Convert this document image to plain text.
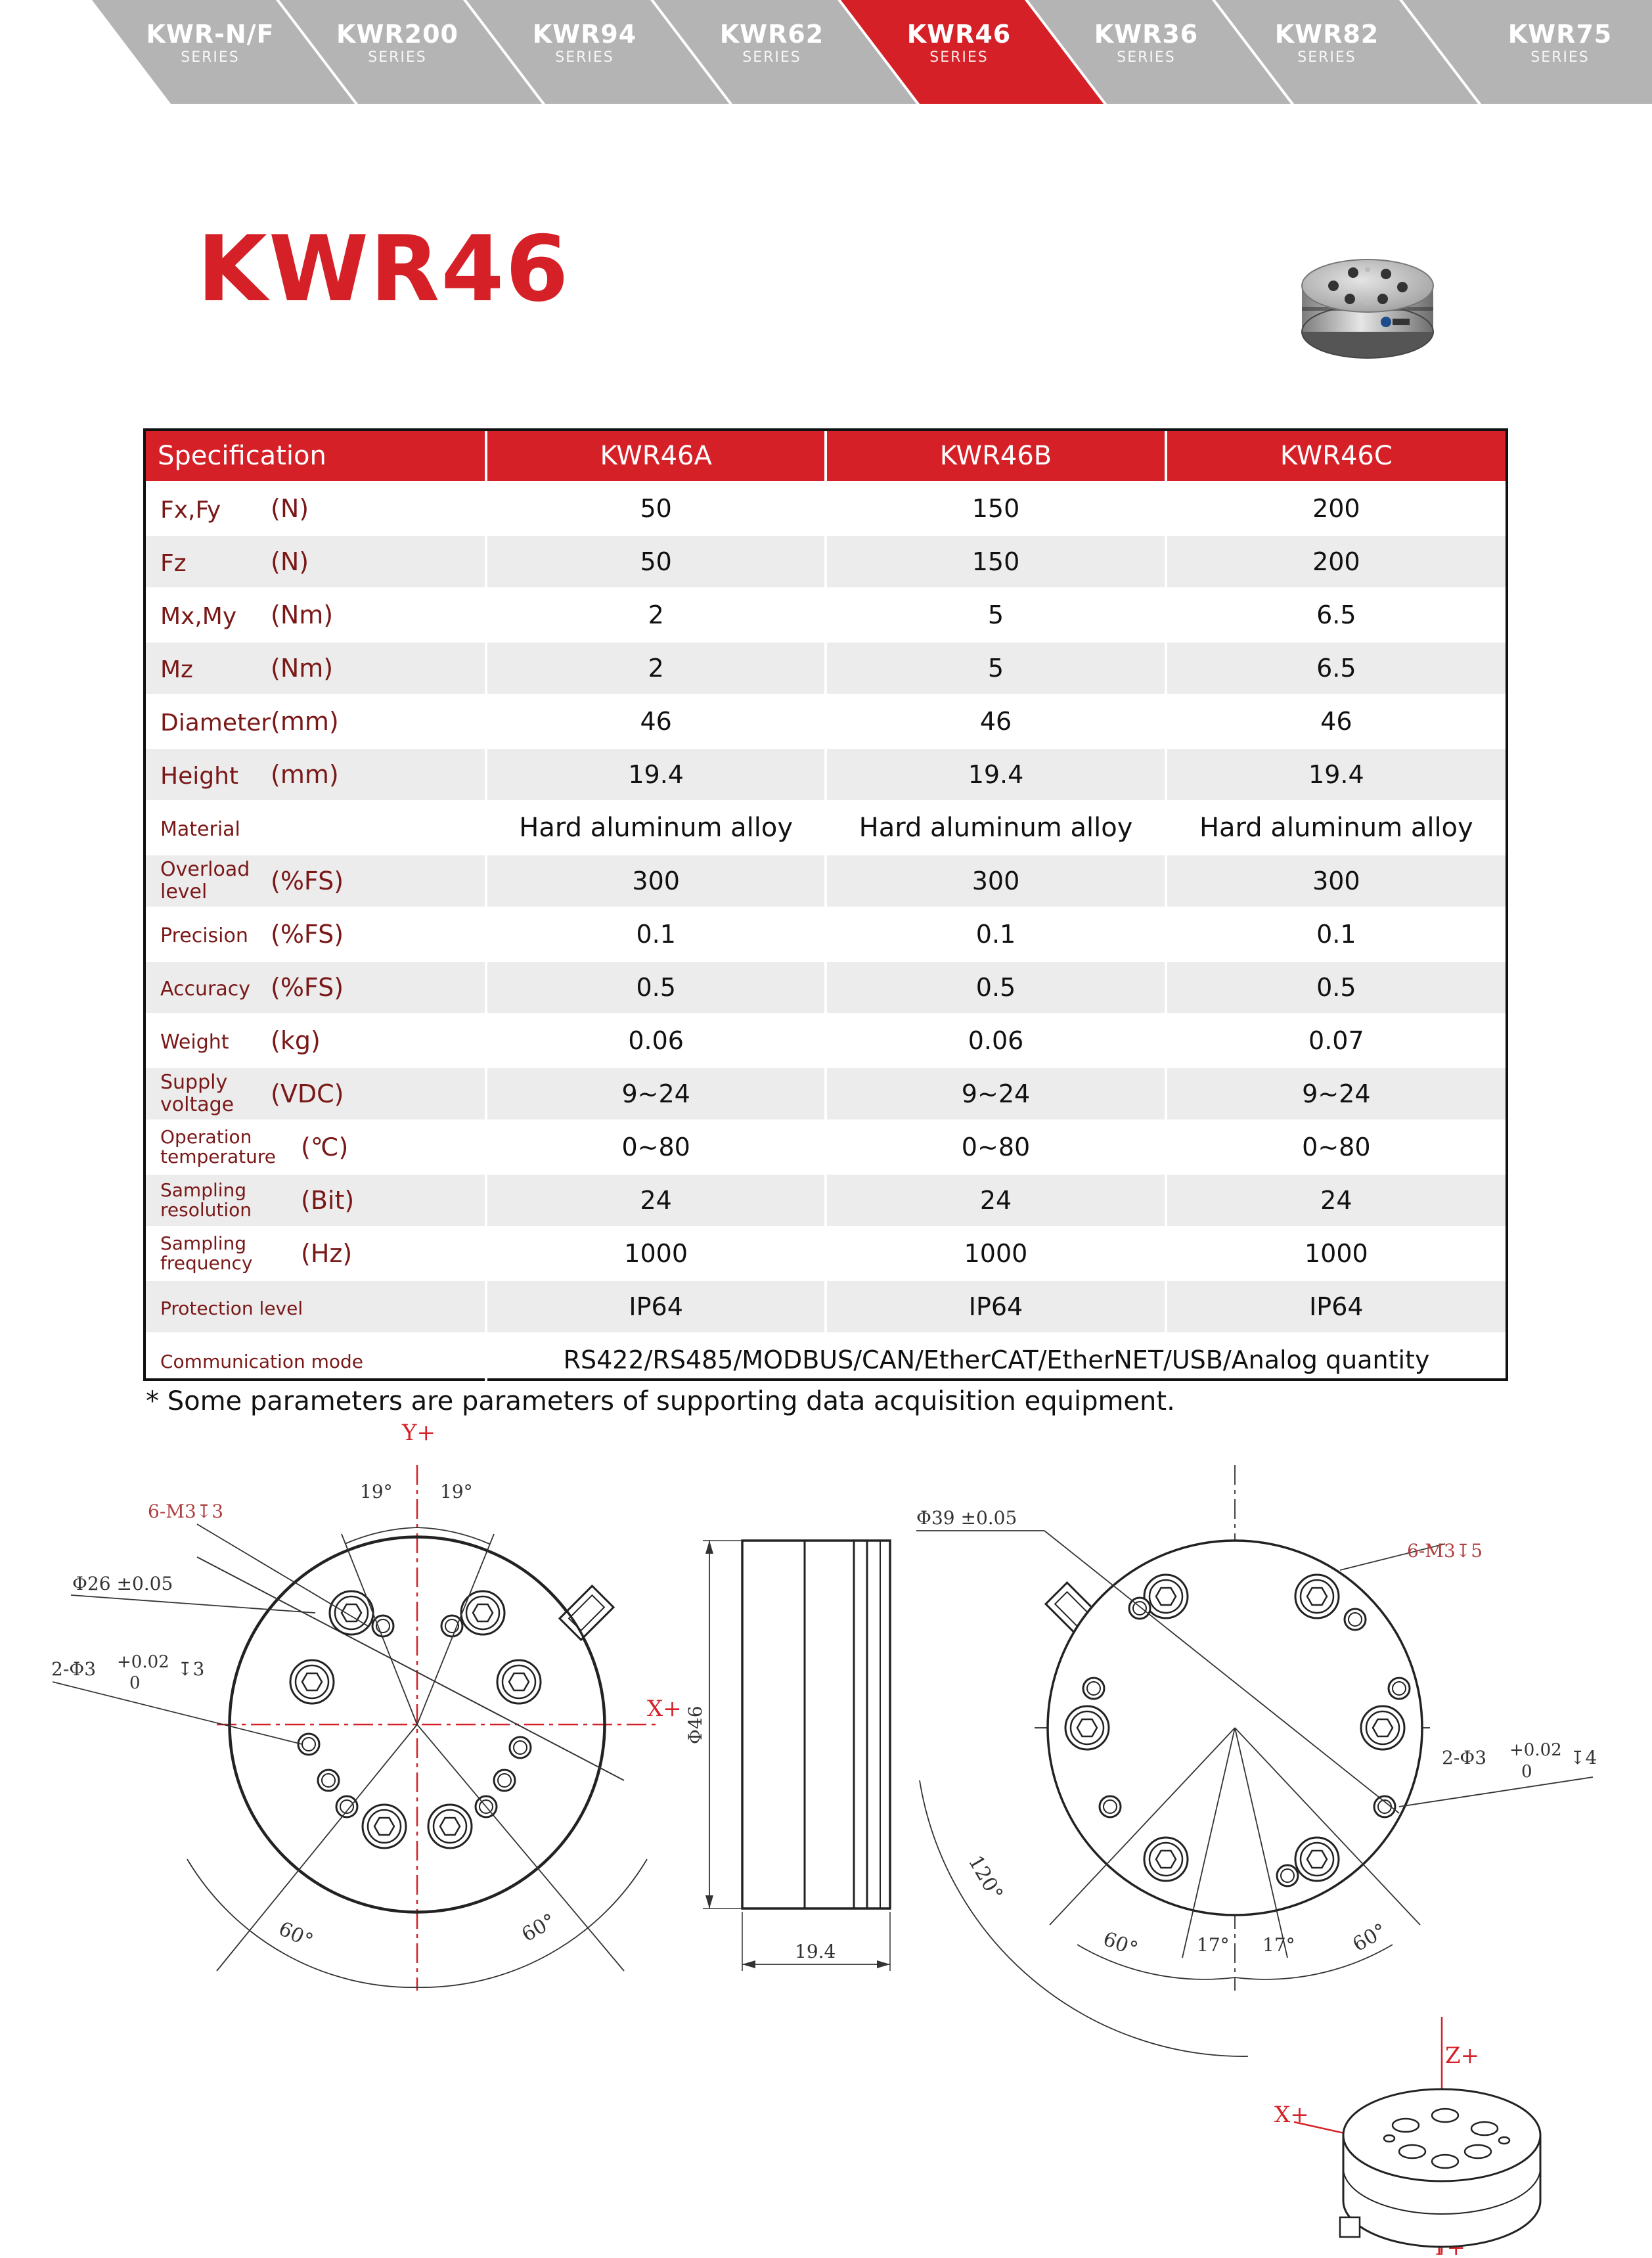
KWR-N/F
SERIES
KWR200
SERIES
KWR94
SERIES
KWR62
SERIES
KWR46
SERIES
KWR36
SERIES
KWR82
SERIES
KWR75
SERIES
KWR46
Specification	KWR46A	KWR46B	KWR46C
Fx,Fy (N)	50	150	200
Fz (N)	50	150	200
Mx,My (Nm)	2	5	6.5
Mz (Nm)	2	5	6.5
Diameter (mm)	46	46	46
Height (mm)	19.4	19.4	19.4
Material	Hard aluminum alloy	Hard aluminum alloy	Hard aluminum alloy
Overload level (%FS)	300	300	300
Precision (%FS)	0.1	0.1	0.1
Accuracy (%FS)	0.5	0.5	0.5
Weight (kg)	0.06	0.06	0.07
Supply voltage (VDC)	9~24	9~24	9~24
Operation temperature (℃)	0~80	0~80	0~80
Sampling resolution (Bit)	24	24	24
Sampling frequency (Hz)	1000	1000	1000
Protection level	IP64	IP64	IP64
Communication mode	RS422/RS485/MODBUS/CAN/EtherCAT/EtherNET/USB/Analog quantity		

* Some parameters are parameters of supporting data acquisition equipment.

Y+
X+
19°	19°
6-M3↧3
Φ26 ±0.05
2-Φ3 +0.02
0
↧3
60°	60°
Φ46
19.4
Φ39 ±0.05
6-M3↧5
2-Φ3 +0.02
0
↧4
120°
60°	17° 17°	60°
Z+
X+
